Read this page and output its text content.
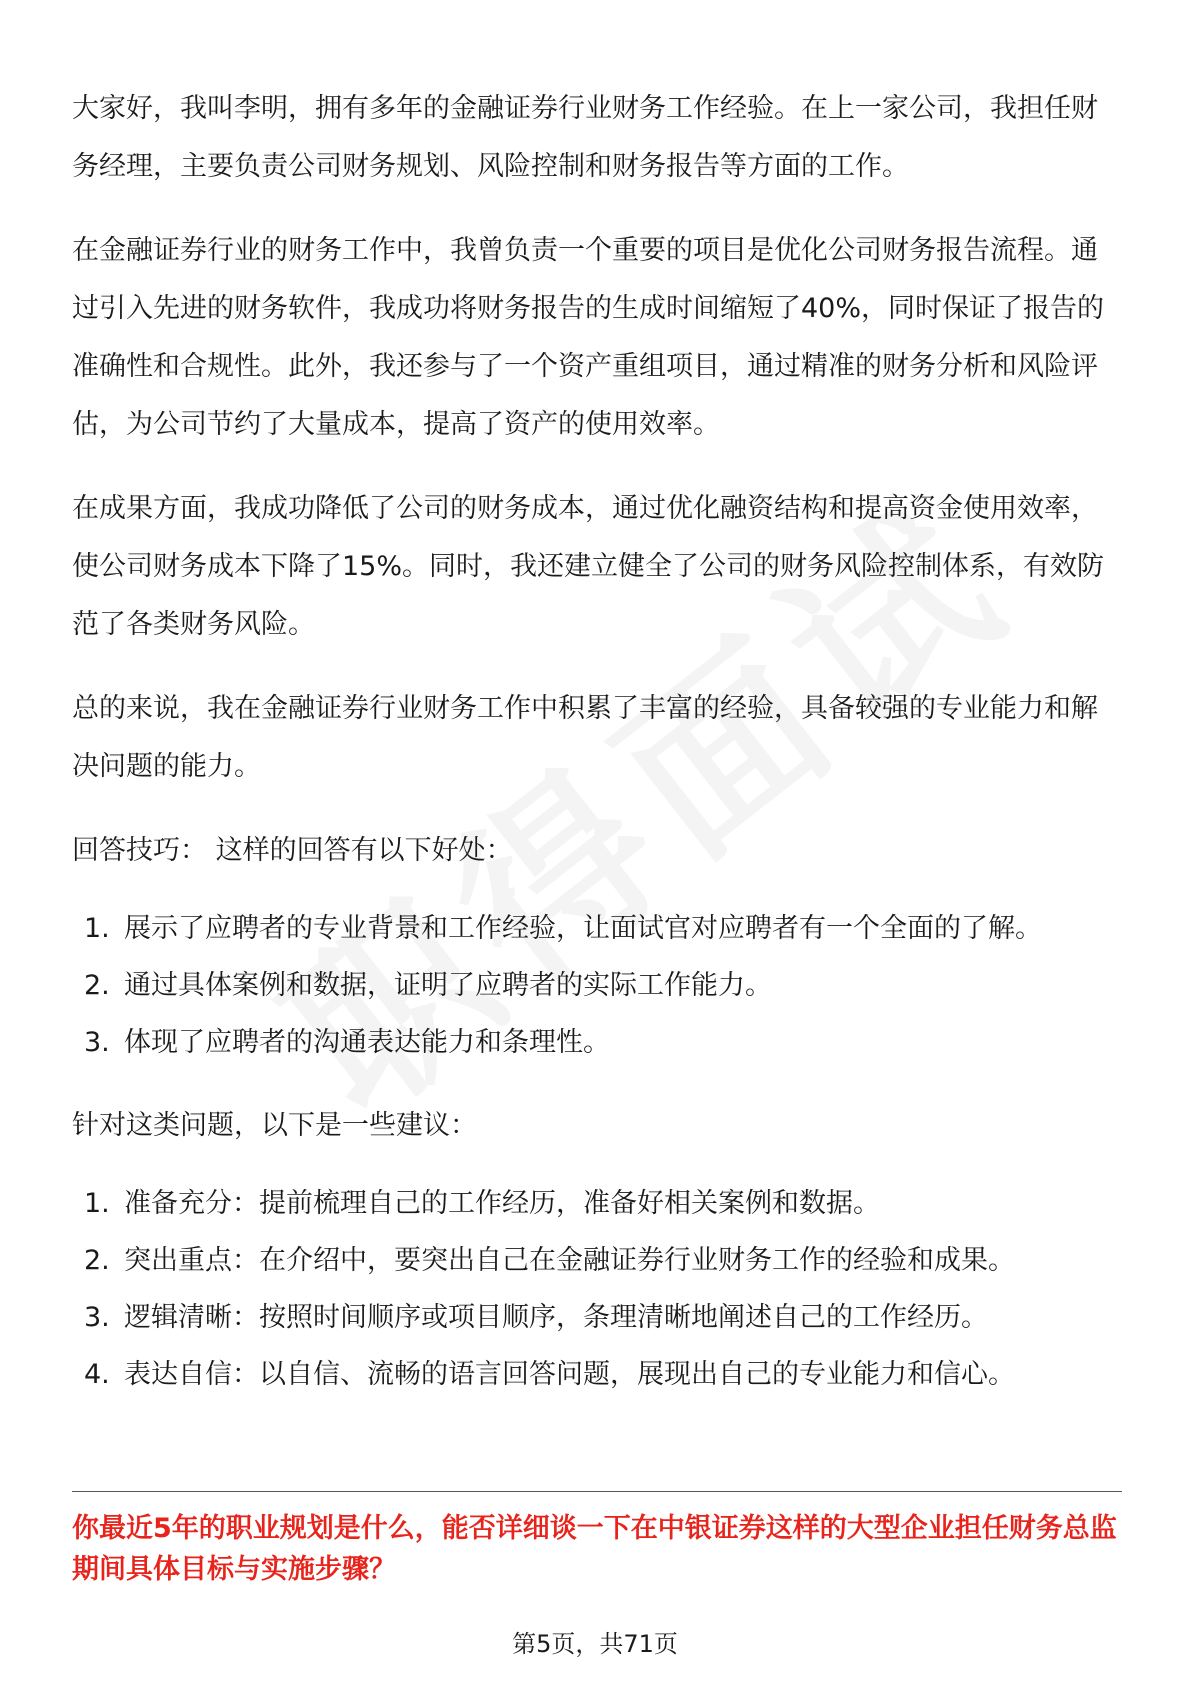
大家好，我叫李明，拥有多年的金融证券行业财务工作经验。在上一家公司，我担任财务经理，主要负责公司财务规划、风险控制和财务报告等方面的工作。

在金融证券行业的财务工作中，我曾负责一个重要的项目是优化公司财务报告流程。通过引入先进的财务软件，我成功将财务报告的生成时间缩短了40%，同时保证了报告的准确性和合规性。此外，我还参与了一个资产重组项目，通过精准的财务分析和风险评估，为公司节约了大量成本，提高了资产的使用效率。

在成果方面，我成功降低了公司的财务成本，通过优化融资结构和提高资金使用效率，使公司财务成本下降了15%。同时，我还建立健全了公司的财务风险控制体系，有效防范了各类财务风险。

总的来说，我在金融证券行业财务工作中积累了丰富的经验，具备较强的专业能力和解决问题的能力。

回答技巧： 这样的回答有以下好处：

1. 展示了应聘者的专业背景和工作经验，让面试官对应聘者有一个全面的了解。
2. 通过具体案例和数据，证明了应聘者的实际工作能力。
3. 体现了应聘者的沟通表达能力和条理性。

针对这类问题，以下是一些建议：

1. 准备充分：提前梳理自己的工作经历，准备好相关案例和数据。
2. 突出重点：在介绍中，要突出自己在金融证券行业财务工作的经验和成果。
3. 逻辑清晰：按照时间顺序或项目顺序，条理清晰地阐述自己的工作经历。
4. 表达自信：以自信、流畅的语言回答问题，展现出自己的专业能力和信心。
你最近5年的职业规划是什么，能否详细谈一下在中银证券这样的大型企业担任财务总监期间具体目标与实施步骤？
第5页，共71页
